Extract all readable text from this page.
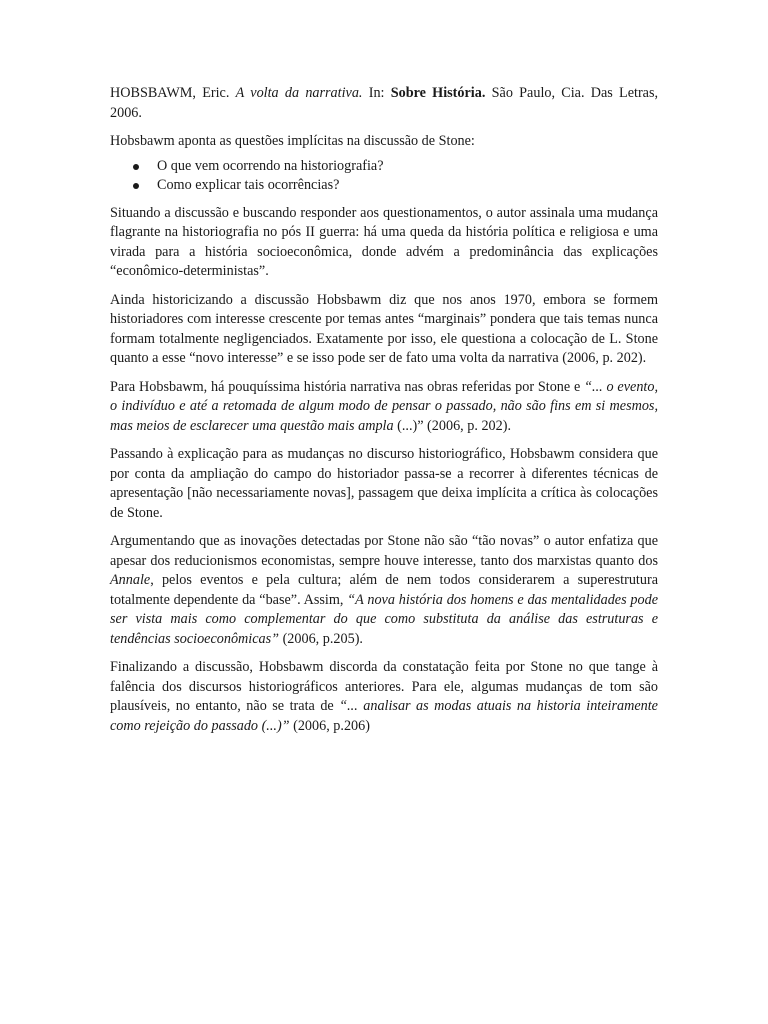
HOBSBAWM, Eric. A volta da narrativa. In: Sobre História. São Paulo, Cia. Das Letras, 2006.

Hobsbawm aponta as questões implícitas na discussão de Stone:

O que vem ocorrendo na historiografia?
Como explicar tais ocorrências?

Situando a discussão e buscando responder aos questionamentos, o autor assinala uma mudança flagrante na historiografia no pós II guerra: há uma queda da história política e religiosa e uma virada para a história socioeconômica, donde advém a predominância das explicações “econômico-deterministas”.

Ainda historicizando a discussão Hobsbawm diz que nos anos 1970, embora se formem historiadores com interesse crescente por temas antes “marginais” pondera que tais temas nunca formam totalmente negligenciados. Exatamente por isso, ele questiona a colocação de L. Stone quanto a esse “novo interesse” e se isso pode ser de fato uma volta da narrativa (2006, p. 202).

Para Hobsbawm, há pouquíssima história narrativa nas obras referidas por Stone e “... o evento, o indivíduo e até a retomada de algum modo de pensar o passado, não são fins em si mesmos, mas meios de esclarecer uma questão mais ampla (...)” (2006, p. 202).

Passando à explicação para as mudanças no discurso historiográfico, Hobsbawm considera que por conta da ampliação do campo do historiador passa-se a recorrer à diferentes técnicas de apresentação [não necessariamente novas], passagem que deixa implícita a crítica às colocações de Stone.

Argumentando que as inovações detectadas por Stone não são “tão novas” o autor enfatiza que apesar dos reducionismos economistas, sempre houve interesse, tanto dos marxistas quanto dos Annale, pelos eventos e pela cultura; além de nem todos considerarem a superestrutura totalmente dependente da “base”. Assim, “A nova história dos homens e das mentalidades pode ser vista mais como complementar do que como substituta da análise das estruturas e tendências socioeconômicas” (2006, p.205).

Finalizando a discussão, Hobsbawm discorda da constatação feita por Stone no que tange à falência dos discursos historiográficos anteriores. Para ele, algumas mudanças de tom são plausíveis, no entanto, não se trata de “... analisar as modas atuais na historia inteiramente como rejeição do passado (...)” (2006, p.206)
